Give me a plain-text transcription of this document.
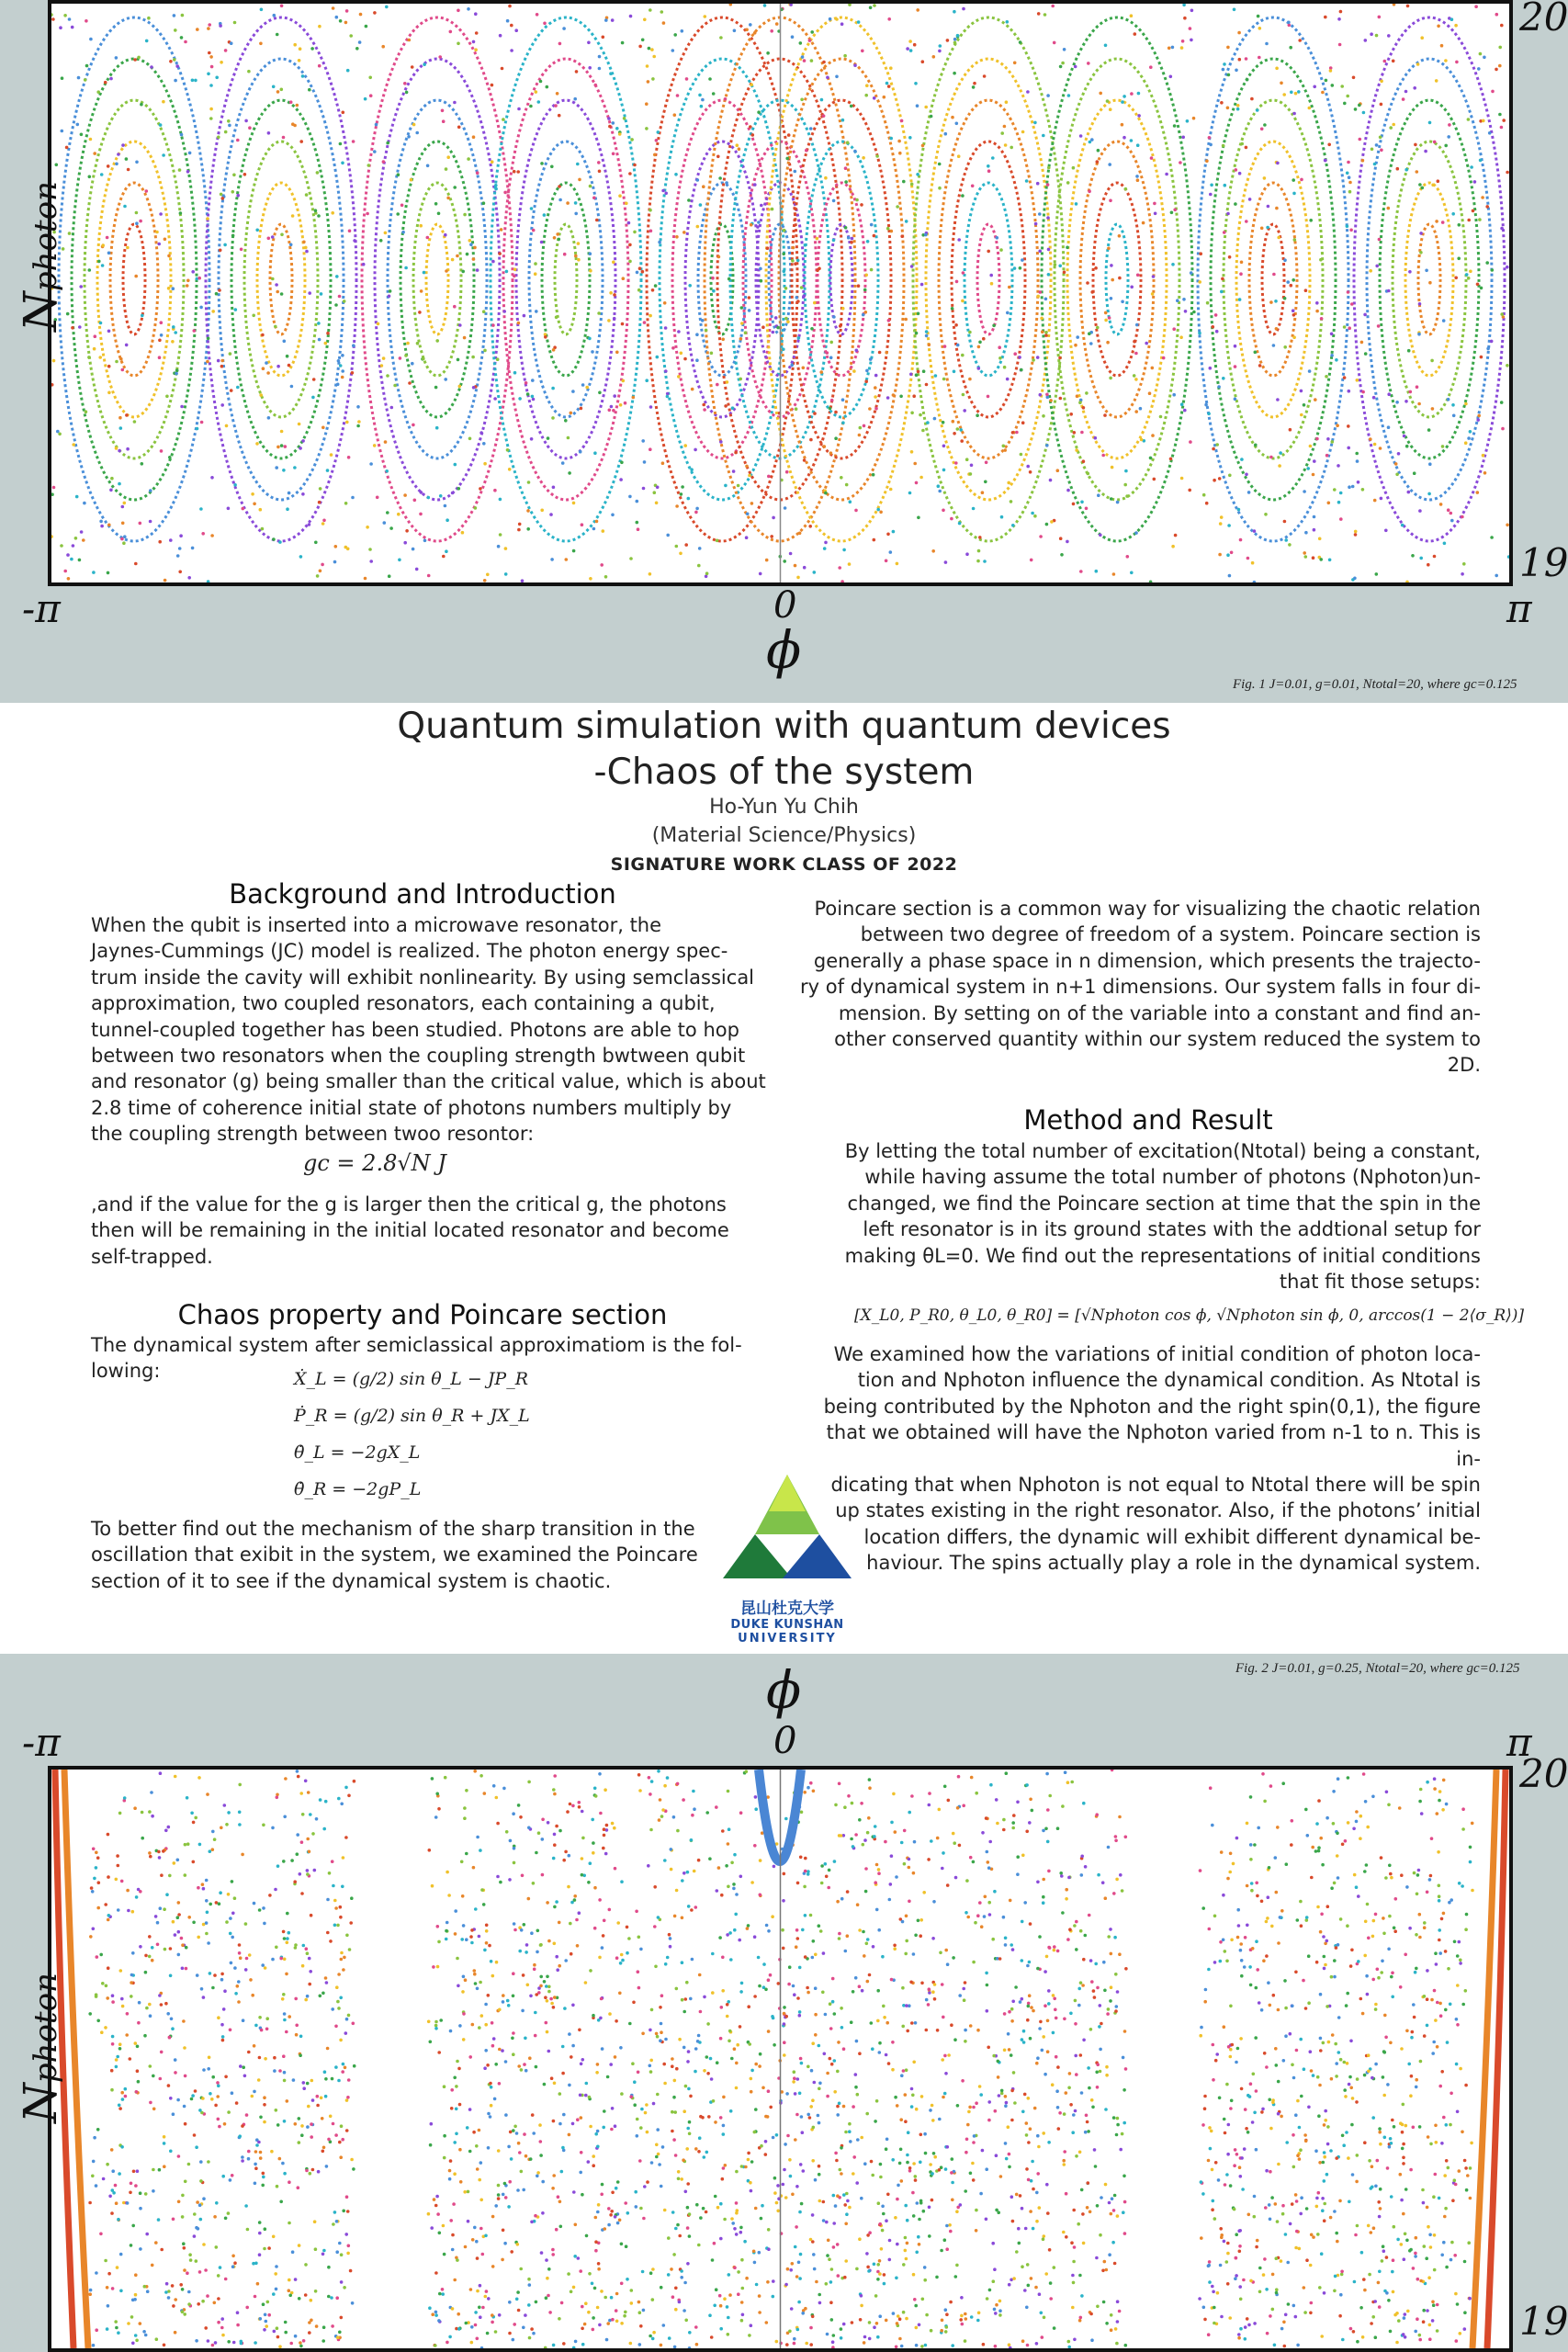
20
19
Nphoton
-π	0	π
ϕ
Fig. 1 J=0.01, g=0.01, Ntotal=20, where gc=0.125
Quantum simulation with quantum devices
-Chaos of the system
Ho-Yun Yu Chih
(Material Science/Physics)
SIGNATURE WORK CLASS OF 2022
Background and Introduction
When the qubit is inserted into a microwave resonator, the
Jaynes-Cummings (JC) model is realized. The photon energy spec-
trum inside the cavity will exhibit nonlinearity. By using semclassical
approximation, two coupled resonators, each containing a qubit,
tunnel-coupled together has been studied. Photons are able to hop
between two resonators when the coupling strength bwtween qubit
and resonator (g) being smaller than the critical value, which is about
2.8 time of coherence initial state of photons numbers multiply by
the coupling strength between twoo resontor:
gc = 2.8√N J
,and if the value for the g is larger then the critical g, the photons
then will be remaining in the initial located resonator and become
self-trapped.
Chaos property and Poincare section
The dynamical system after semiclassical approximatiom is the fol-
lowing:	Ẋ_L = (g/2) sin θ_L − JP_R
Ṗ_R = (g/2) sin θ_R + JX_L
θ̇_L = −2gX_L
θ̇_R = −2gP_L
To better find out the mechanism of the sharp transition in the
oscillation that exibit in the system, we examined the Poincare
section of it to see if the dynamical system is chaotic.
Poincare section is a common way for visualizing the chaotic relation
between two degree of freedom of a system. Poincare section is
generally a phase space in n dimension, which presents the trajecto-
ry of dynamical system in n+1 dimensions. Our system falls in four di-
mension. By setting on of the variable into a constant and find an-
other conserved quantity within our system reduced the system to
2D.
Method and Result
By letting the total number of excitation(Ntotal) being a constant,
while having assume the total number of photons (Nphoton)un-
changed, we find the Poincare section at time that the spin in the
left resonator is in its ground states with the addtional setup for
making θL=0. We find out the representations of initial conditions
that fit those setups:
[X_L0, P_R0, θ_L0, θ_R0] = [√Nphoton cos ϕ, √Nphoton sin ϕ, 0, arccos(1 − 2⟨σ_R⟩)]
We examined how the variations of initial condition of photon loca-
tion and Nphoton influence the dynamical condition. As Ntotal is
being contributed by the Nphoton and the right spin(0,1), the figure
that we obtained will have the Nphoton varied from n-1 to n. This is in-
dicating that when Nphoton is not equal to Ntotal there will be spin
up states existing in the right resonator. Also, if the photons’ initial
location differs, the dynamic will exhibit different dynamical be-
haviour. The spins actually play a role in the dynamical system.
昆山杜克大学
DUKE KUNSHAN
UNIVERSITY
Fig. 2 J=0.01, g=0.25, Ntotal=20, where gc=0.125
ϕ
-π	0	π
20
19
Nphoton
